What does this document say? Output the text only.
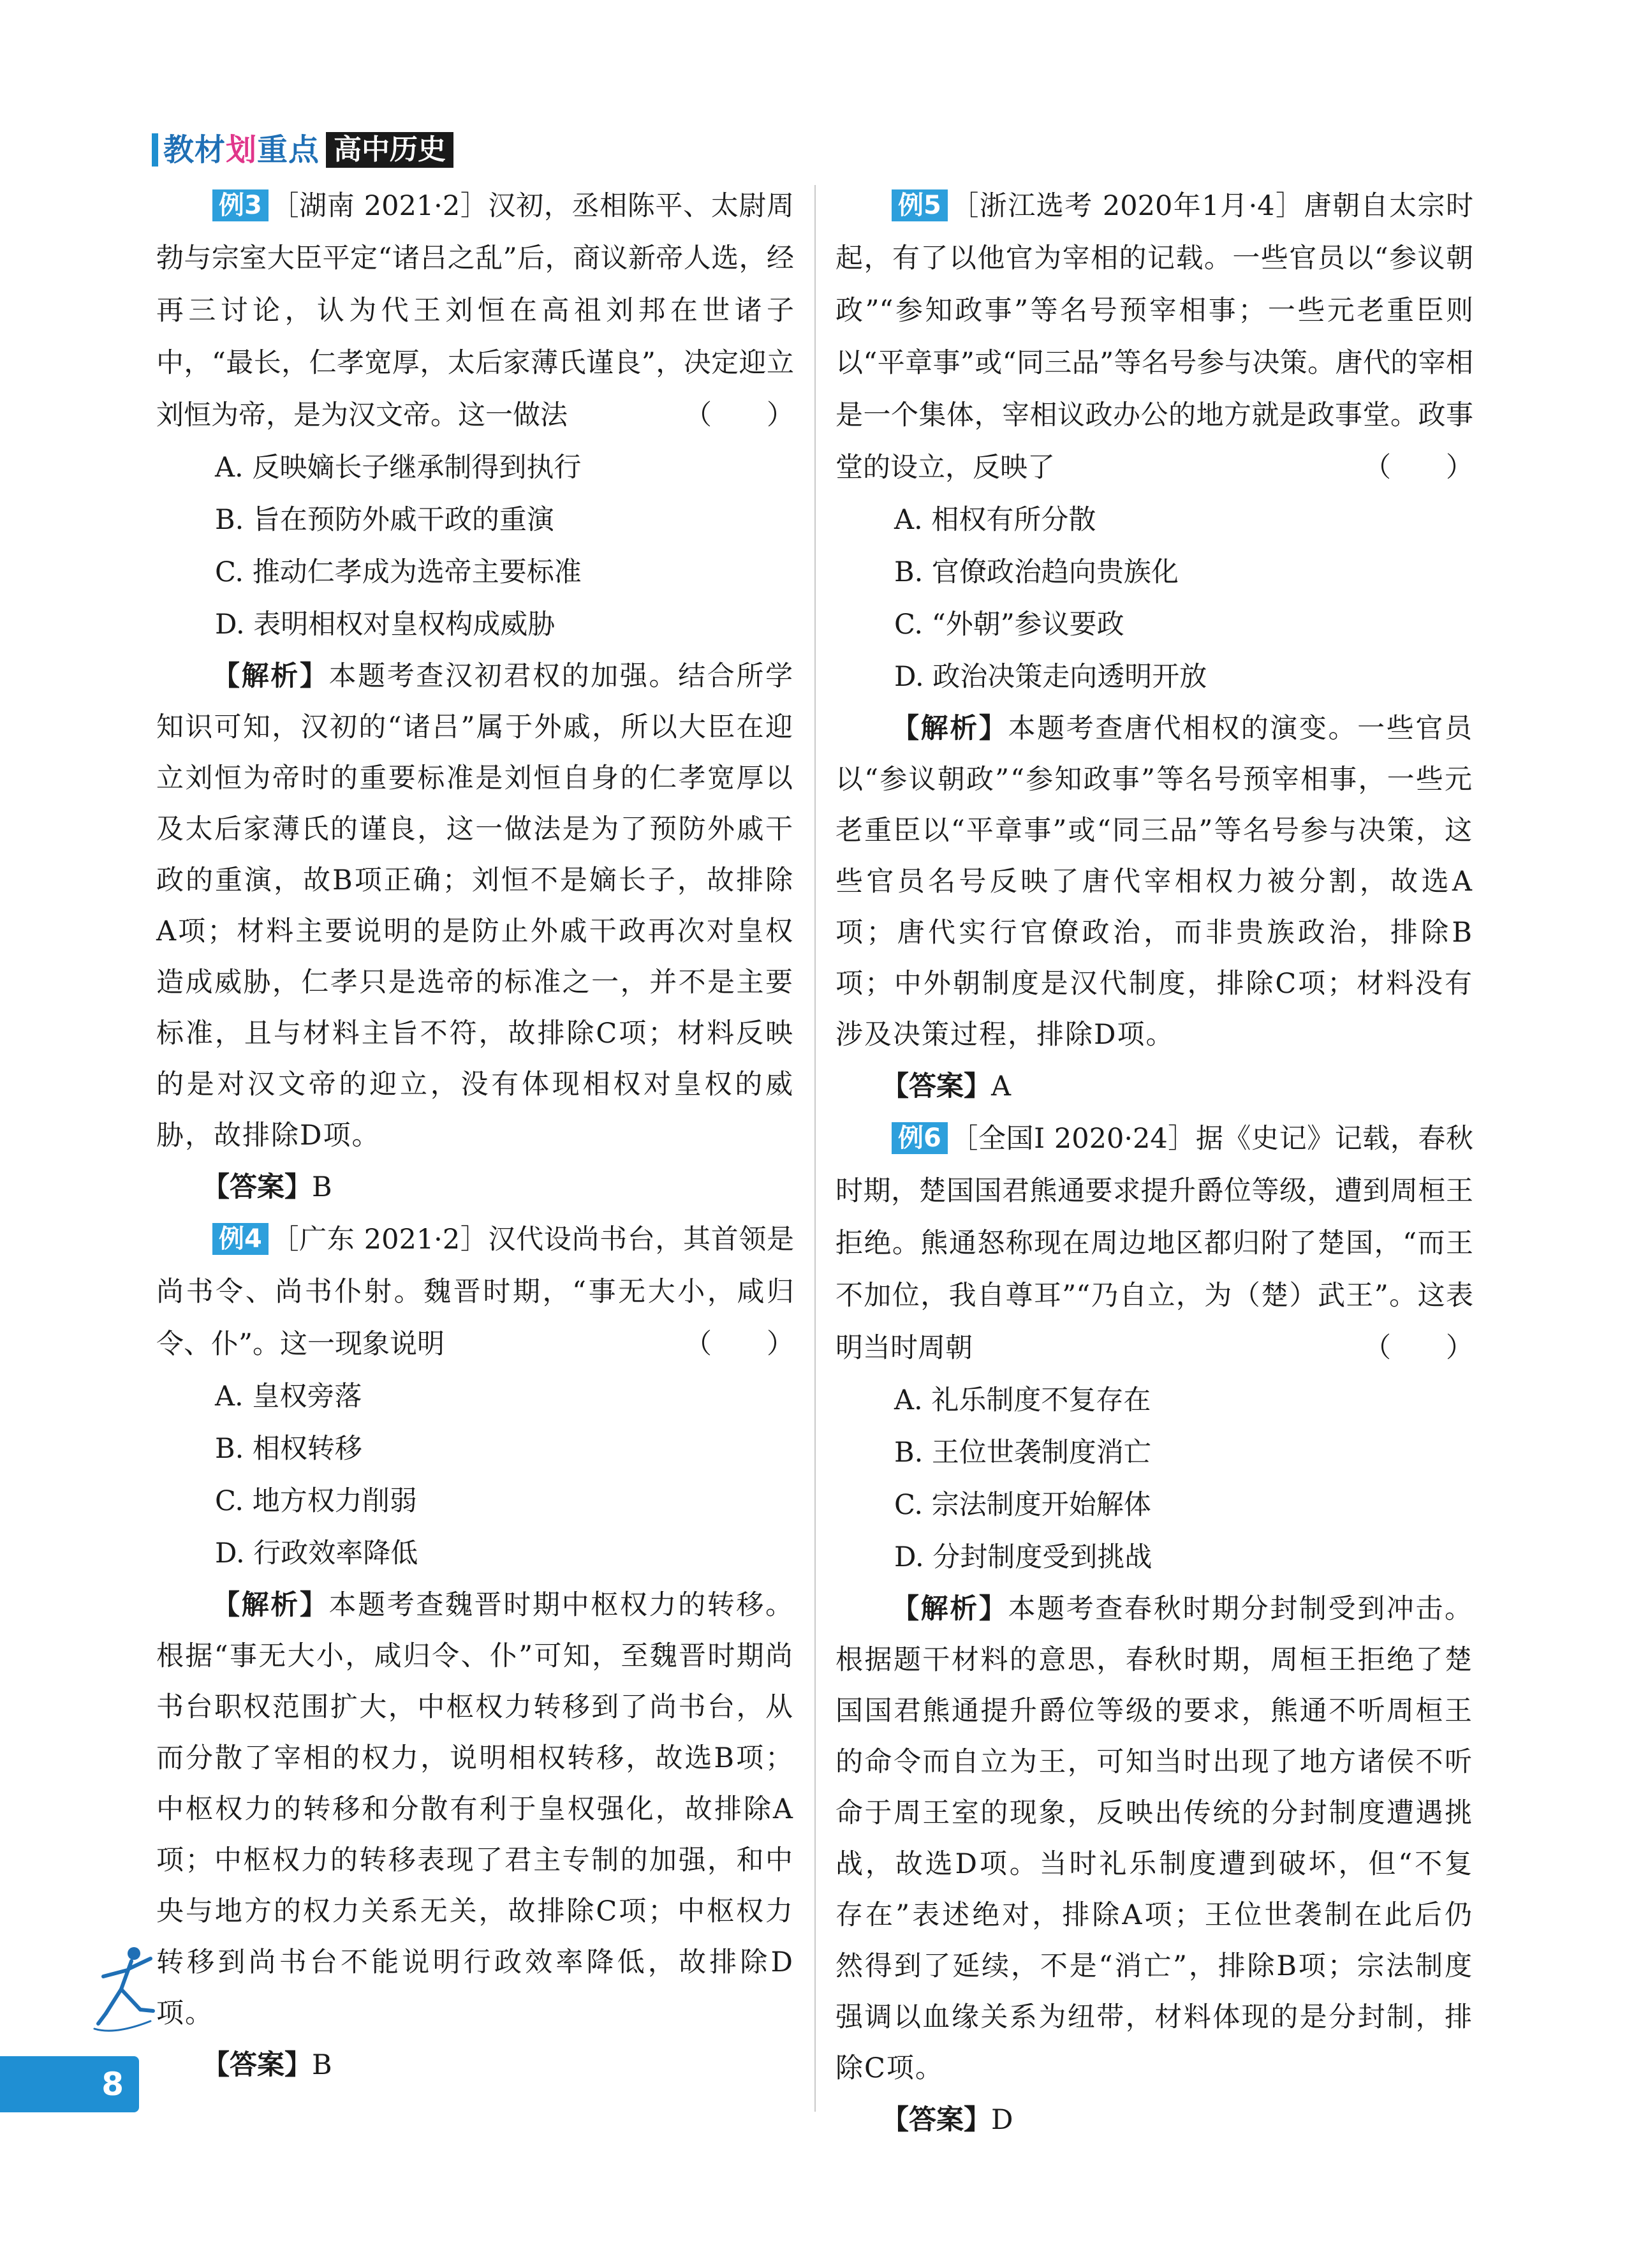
教材划重点 高中历史

例3 ［湖南 2021·2］汉初，丞相陈平、太尉周勃与宗室大臣平定“诸吕之乱”后，商议新帝人选，经再三讨论，认为代王刘恒在高祖刘邦在世诸子中，“最长，仁孝宽厚，太后家薄氏谨良”，决定迎立刘恒为帝，是为汉文帝。这一做法	（　　）

A. 反映嫡长子继承制得到执行

B. 旨在预防外戚干政的重演

C. 推动仁孝成为选帝主要标准

D. 表明相权对皇权构成威胁

【解析】本题考查汉初君权的加强。结合所学知识可知，汉初的“诸吕”属于外戚，所以大臣在迎立刘恒为帝时的重要标准是刘恒自身的仁孝宽厚以及太后家薄氏的谨良，这一做法是为了预防外戚干政的重演，故B项正确；刘恒不是嫡长子，故排除A项；材料主要说明的是防止外戚干政再次对皇权造成威胁，仁孝只是选帝的标准之一，并不是主要标准，且与材料主旨不符，故排除C项；材料反映的是对汉文帝的迎立，没有体现相权对皇权的威胁，故排除D项。

【答案】B

例4 ［广东 2021·2］汉代设尚书台，其首领是尚书令、尚书仆射。魏晋时期，“事无大小，咸归令、仆”。这一现象说明	（　　）

A. 皇权旁落

B. 相权转移

C. 地方权力削弱

D. 行政效率降低

【解析】本题考查魏晋时期中枢权力的转移。根据“事无大小，咸归令、仆”可知，至魏晋时期尚书台职权范围扩大，中枢权力转移到了尚书台，从而分散了宰相的权力，说明相权转移，故选B项；中枢权力的转移和分散有利于皇权强化，故排除A项；中枢权力的转移表现了君主专制的加强，和中央与地方的权力关系无关，故排除C项；中枢权力转移到尚书台不能说明行政效率降低，故排除D项。

【答案】B

例5 ［浙江选考 2020年1月·4］唐朝自太宗时起，有了以他官为宰相的记载。一些官员以“参议朝政”“参知政事”等名号预宰相事；一些元老重臣则以“平章事”或“同三品”等名号参与决策。唐代的宰相是一个集体，宰相议政办公的地方就是政事堂。政事堂的设立，反映了	（　　）

A. 相权有所分散

B. 官僚政治趋向贵族化

C. “外朝”参议要政

D. 政治决策走向透明开放

【解析】本题考查唐代相权的演变。一些官员以“参议朝政”“参知政事”等名号预宰相事，一些元老重臣以“平章事”或“同三品”等名号参与决策，这些官员名号反映了唐代宰相权力被分割，故选A项；唐代实行官僚政治，而非贵族政治，排除B项；中外朝制度是汉代制度，排除C项；材料没有涉及决策过程，排除D项。

【答案】A

例6 ［全国Ⅰ 2020·24］据《史记》记载，春秋时期，楚国国君熊通要求提升爵位等级，遭到周桓王拒绝。熊通怒称现在周边地区都归附了楚国，“而王不加位，我自尊耳”“乃自立，为（楚）武王”。这表明当时周朝	（　　）

A. 礼乐制度不复存在

B. 王位世袭制度消亡

C. 宗法制度开始解体

D. 分封制度受到挑战

【解析】本题考查春秋时期分封制受到冲击。根据题干材料的意思，春秋时期，周桓王拒绝了楚国国君熊通提升爵位等级的要求，熊通不听周桓王的命令而自立为王，可知当时出现了地方诸侯不听命于周王室的现象，反映出传统的分封制度遭遇挑战，故选D项。当时礼乐制度遭到破坏，但“不复存在”表述绝对，排除A项；王位世袭制在此后仍然得到了延续，不是“消亡”，排除B项；宗法制度强调以血缘关系为纽带，材料体现的是分封制，排除C项。

【答案】D

8
